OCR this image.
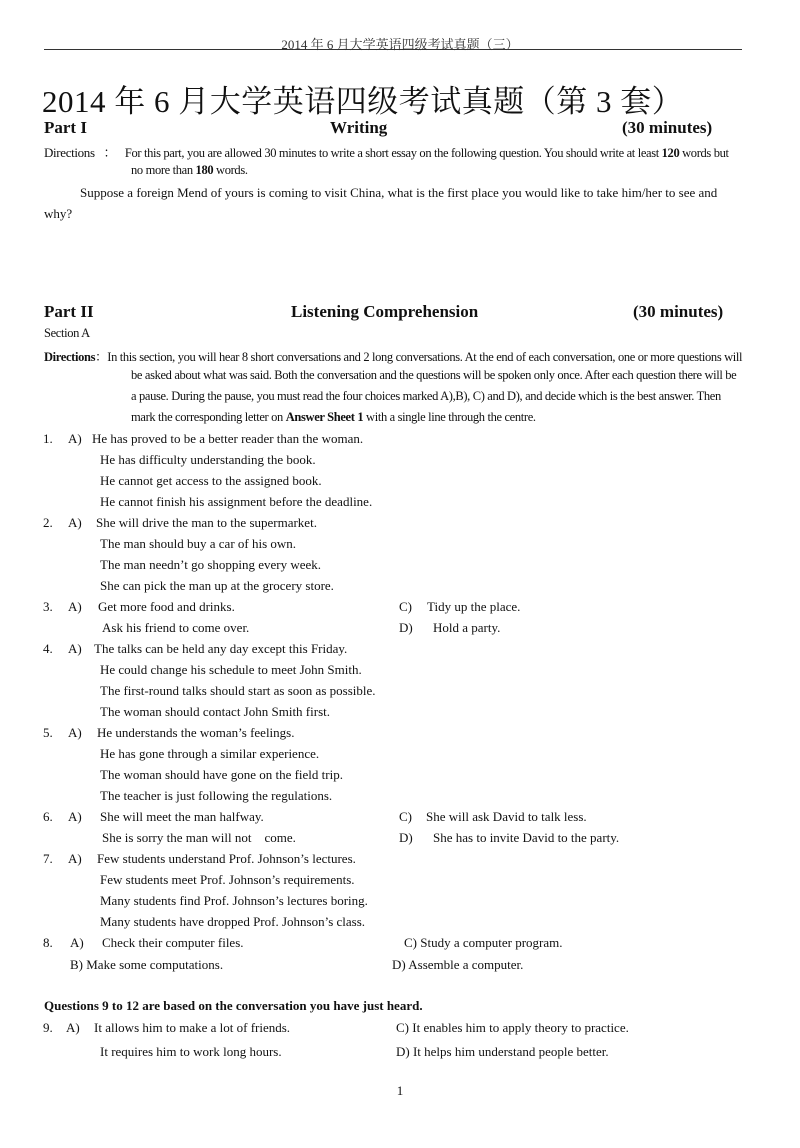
2014 年 6 月大学英语四级考试真题（三）
2014 年 6 月大学英语四级考试真题（第 3 套）
Part I	Writing	(30 minutes)
Directions ： For this part, you are allowed 30 minutes to write a short essay on the following question. You should write at least 120 words but
no more than 180 words.
Suppose a foreign Mend of yours is coming to visit China, what is the first place you would like to take him/her to see and
why?
Part II	Listening Comprehension	(30 minutes)
Section A
Directions：In this section, you will hear 8 short conversations and 2 long conversations. At the end of each conversation, one or more questions will
be asked about what was said. Both the conversation and the questions will be spoken only once. After each question there will be
a pause. During the pause, you must read the four choices marked A),B), C) and D), and decide which is the best answer. Then
mark the corresponding letter on Answer Sheet 1 with a single line through the centre.
1. A) He has proved to be a better reader than the woman.
He has difficulty understanding the book.
He cannot get access to the assigned book.
He cannot finish his assignment before the deadline.
2. A) She will drive the man to the supermarket.
The man should buy a car of his own.
The man needn’t go shopping every week.
She can pick the man up at the grocery store.
3. A) Get more food and drinks.	C) Tidy up the place.
Ask his friend to come over.	D) Hold a party.
4. A) The talks can be held any day except this Friday.
He could change his schedule to meet John Smith.
The first-round talks should start as soon as possible.
The woman should contact John Smith first.
5. A) He understands the woman’s feelings.
He has gone through a similar experience.
The woman should have gone on the field trip.
The teacher is just following the regulations.
6. A) She will meet the man halfway.	C) She will ask David to talk less.
She is sorry the man will not    come.	D) She has to invite David to the party.
7. A) Few students understand Prof. Johnson’s lectures.
Few students meet Prof. Johnson’s requirements.
Many students find Prof. Johnson’s lectures boring.
Many students have dropped Prof. Johnson’s class.
8. A) Check their computer files.	C) Study a computer program.
B) Make some computations.	D) Assemble a computer.
Questions 9 to 12 are based on the conversation you have just heard.
9. A) It allows him to make a lot of friends.	C) It enables him to apply theory to practice.
It requires him to work long hours.	D) It helps him understand people better.
1
